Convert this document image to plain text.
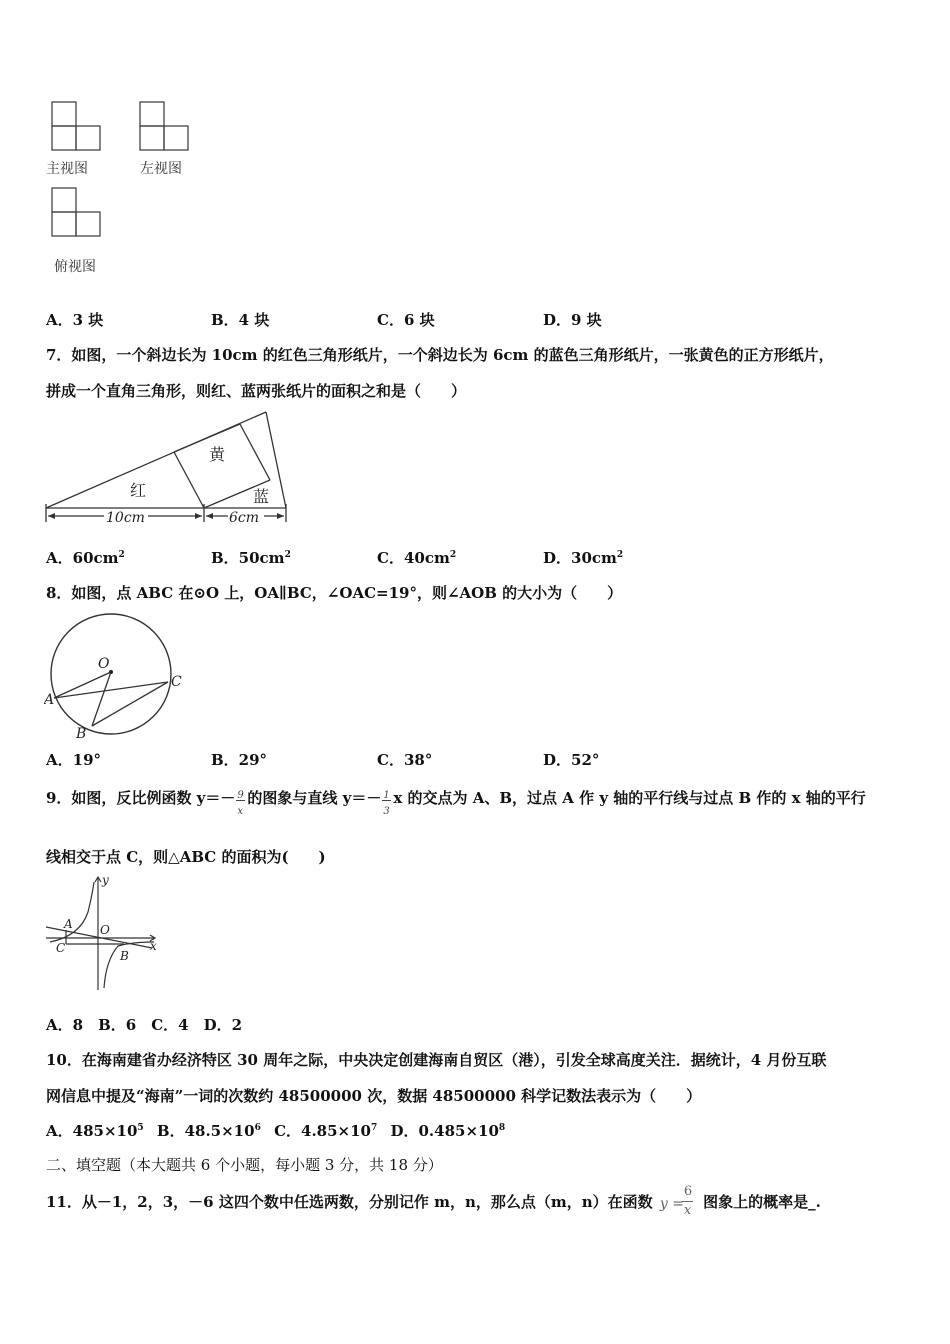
主视图	左视图
俯视图
A．3 块	B．4 块	C．6 块	D．9 块
7．如图，一个斜边长为 10cm 的红色三角形纸片，一个斜边长为 6cm 的蓝色三角形纸片，一张黄色的正方形纸片，
拼成一个直角三角形，则红、蓝两张纸片的面积之和是（　　）
黄
红	蓝
10cm	6cm
A．$60cm^2$	B．$50cm^2$	C．$40cm^2$	D．$30cm^2$
8．如图，点 ABC 在⊙O 上，OA∥BC，∠OAC=19°，则∠AOB 的大小为（　　）
O
A
B
C
A．19°	B．29°	C．38°	D．52°
9．如图，反比例函数 $y=- \frac{9}{x}$ 的图象与直线 $y=- \frac{1}{3}$ x 的交点为 A、B，过点 A 作 y 轴的平行线与过点 B 作的 x 轴的平行
线相交于点 C，则△ABC 的面积为(　　)
y
x
A O
C
B
A．8　B．6　C．4　D．2
10．在海南建省办经济特区 30 周年之际，中央决定创建海南自贸区（港），引发全球高度关注．据统计，4 月份互联
网信息中提及“海南”一词的次数约 48500000 次，数据 48500000 科学记数法表示为（　　）
A．$485\times 10^5$ B．$48.5\times 10^6$ C．$4.85\times 10^7$ D．$0.485\times 10^8$
二、填空题（本大题共 6 个小题，每小题 3 分，共 18 分）
11．从－1，2，3，－6 这四个数中任选两数，分别记作 m，n，那么点（m，n）在函数 y =
6
x 图象上的概率是_.
